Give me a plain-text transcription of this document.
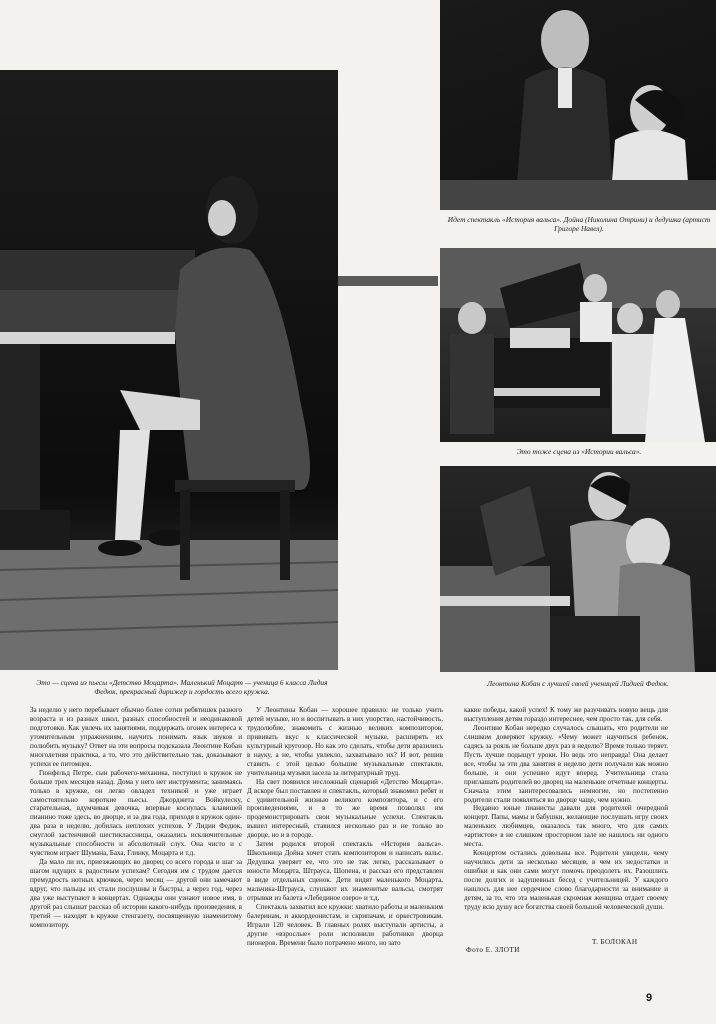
Это — сцена из пьесы «Детство Моцарта». Маленький Моцарт — ученица 6 класса Лидия Федюк, прекрасный дирижер и гордость всего кружка.
Идет спектакль «История вальса». Дойна (Николина Отрини) и дедушка (артист Григоре Навел).
Это тоже сцена из «Истории вальса».
Леонтина Кобан с лучшей своей ученицей Лидией Федюк.

За неделю у него перебывает обычно более сотни ребятишек разного возраста и из разных школ, разных способностей и неодинаковой подготовки. Как увлечь их занятиями, поддержать огонек интереса к утомительным упражнениям, научить понимать язык звуков и полюбить музыку? Ответ на эти вопросы подсказала Леонтине Кобан многолетняя практика, а то, что это действительно так, доказывают успехи ее питомцев.

Гюнфельд Петре, сын рабочего-механика, поступил в кружок не больше трех месяцев назад. Дома у него нет инструмента; занимаясь только в кружке, он легко овладел техникой и уже играет самостоятельно короткие пьесы. Джорджета Войкулеску, старательная, вдумчивая девочка, впервые коснулась клавишей пианино тоже здесь, во дворце, и за два года, приходя в кружок один-два раза в неделю, добилась неплохих успехов. У Лидии Федюк, смуглой застенчивой шестиклассницы, оказались исключительные музыкальные способности и абсолютный слух. Она чисто и с чувством играет Шумана, Баха, Глинку, Моцарта и т.д.

Да мало ли их, приезжающих во дворец со всего города и шаг за шагом идущих к радостным успехам? Сегодня им с трудом дается премудрость нотных крючков, через месяц — другой они замечают вдруг, что пальцы их стали послушны и быстры, а через год, через два уже выступают в концертах. Однажды они узнают новое имя, в другой раз слышат рассказ об истории какого-нибудь произведения, в третий — находят в кружке стенгазету, посвященную знаменитому композитору.

У Леонтины Кобан — хорошее правило: не только учить детей музыке, но и воспитывать в них упорство, настойчивость, трудолюбие, знакомить с жизнью великих композиторов, прививать вкус к классической музыке, расширять их культурный кругозор. Но как это сделать, чтобы дети вразились в науку, а не, чтобы увлекло, захватывало их? И вот, решив ставить с этой целью большие музыкальные спектакли, учительница музыки засела за литературный труд.

На свет появился несложный сценарий «Детство Моцарта». Д вскоре был поставлен и спектакль, который знакомил ребят и с удивительной жизнью великого композитора, и с его произведениями, и в то же время позволял им продемонстрировать свои музыкальные успехи. Спектакль вышел интересный, ставился несколько раз и не только во дворце, но и в городе.

Затем родился второй спектакль «История вальса». Школьница Дойна хочет стать композитором и написать вальс. Дедушка уверяет ее, что это не так легко, рассказывает о юности Моцарта, Штрауса, Шопена, и рассказ его представлен в виде отдельных сценок. Дети видят маленького Моцарта, мальчика-Штрауса, слушают их знаменитые вальсы, смотрят отрывки из балета «Лебединое озеро» и т.д.

Спектакль захватил все кружки: хватило работы и маленьким балеринам, и аккордеонистам, и скрипачам, и оркестровикам. Играли 120 человек. В главных ролях выступали артисты, а другие «взрослые» роли исполнили работники дворца пионеров. Времени было потрачено много, но зато

какие победы, какой успех! К тому же разучивать новую вещь для выступления детям гораздо интереснее, чем просто так, для себя.

Леонтине Кобан нередко случалось слышать, что родители не слишком доверяют кружку. «Чему может научиться ребенок, садясь за рояль не больше двух раз в неделю? Время только теряет. Пусть лучше подыщут уроки. Но ведь это неправда! Она делает все, чтобы за эти два занятия в неделю дети получали как можно больше, и они успешно идут вперед. Учительница стала приглашать родителей во дворец на маленькие отчетные концерты. Сначала этим заинтересовались немногие, но постепенно родители стали появляться во дворце чаще, чем нужно.

Недавно юные пианисты давали для родителей очередной концерт. Папы, мамы и бабушки, желающие послушать игру своих маленьких любимцев, оказалось так много, что для самих «артистов» в не слишком просторном зале не нашлось ни одного места.

Концертом остались довольны все. Родители увидели, чему научились дети за несколько месяцев, в чем их недостатки и ошибки и как они сами могут помочь преодолеть их. Разошлись после долгих и задушевных бесед с учительницей. У каждого нашлось для нее сердечное слово благодарности за внимание и детям, за то, что эта маленькая скромная женщина отдает своему труду всю душу все богатства своей большой человеческой души.

Фото Е. ЗЛОТИ
Т. БОЛОКАН
9
